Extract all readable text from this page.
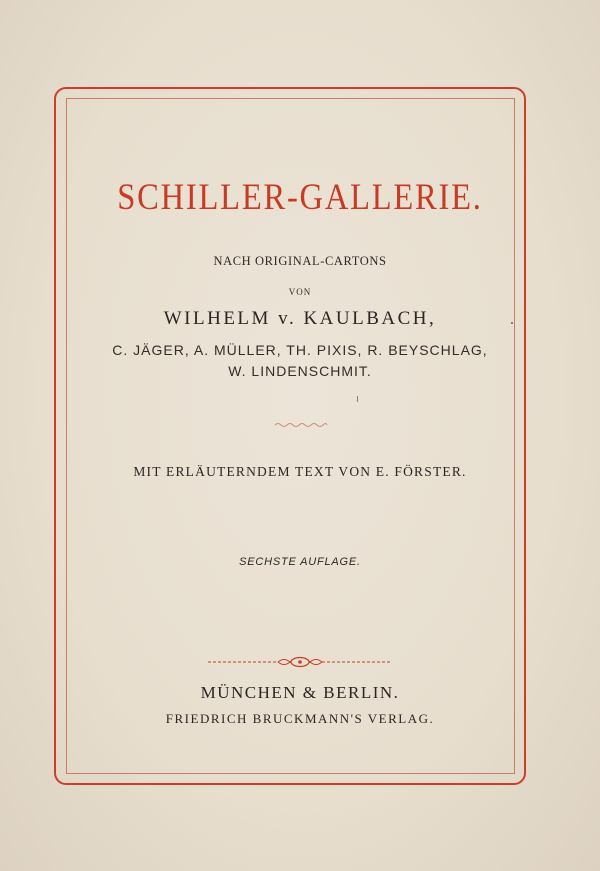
SCHILLER-GALLERIE.
NACH ORIGINAL-CARTONS
VON
WILHELM v. KAULBACH,
C. JÄGER, A. MÜLLER, TH. PIXIS, R. BEYSCHLAG,
W. LINDENSCHMIT.
MIT ERLÄUTERNDEM TEXT VON E. FÖRSTER.
SECHSTE AUFLAGE.
MÜNCHEN & BERLIN.
FRIEDRICH BRUCKMANN'S VERLAG.
